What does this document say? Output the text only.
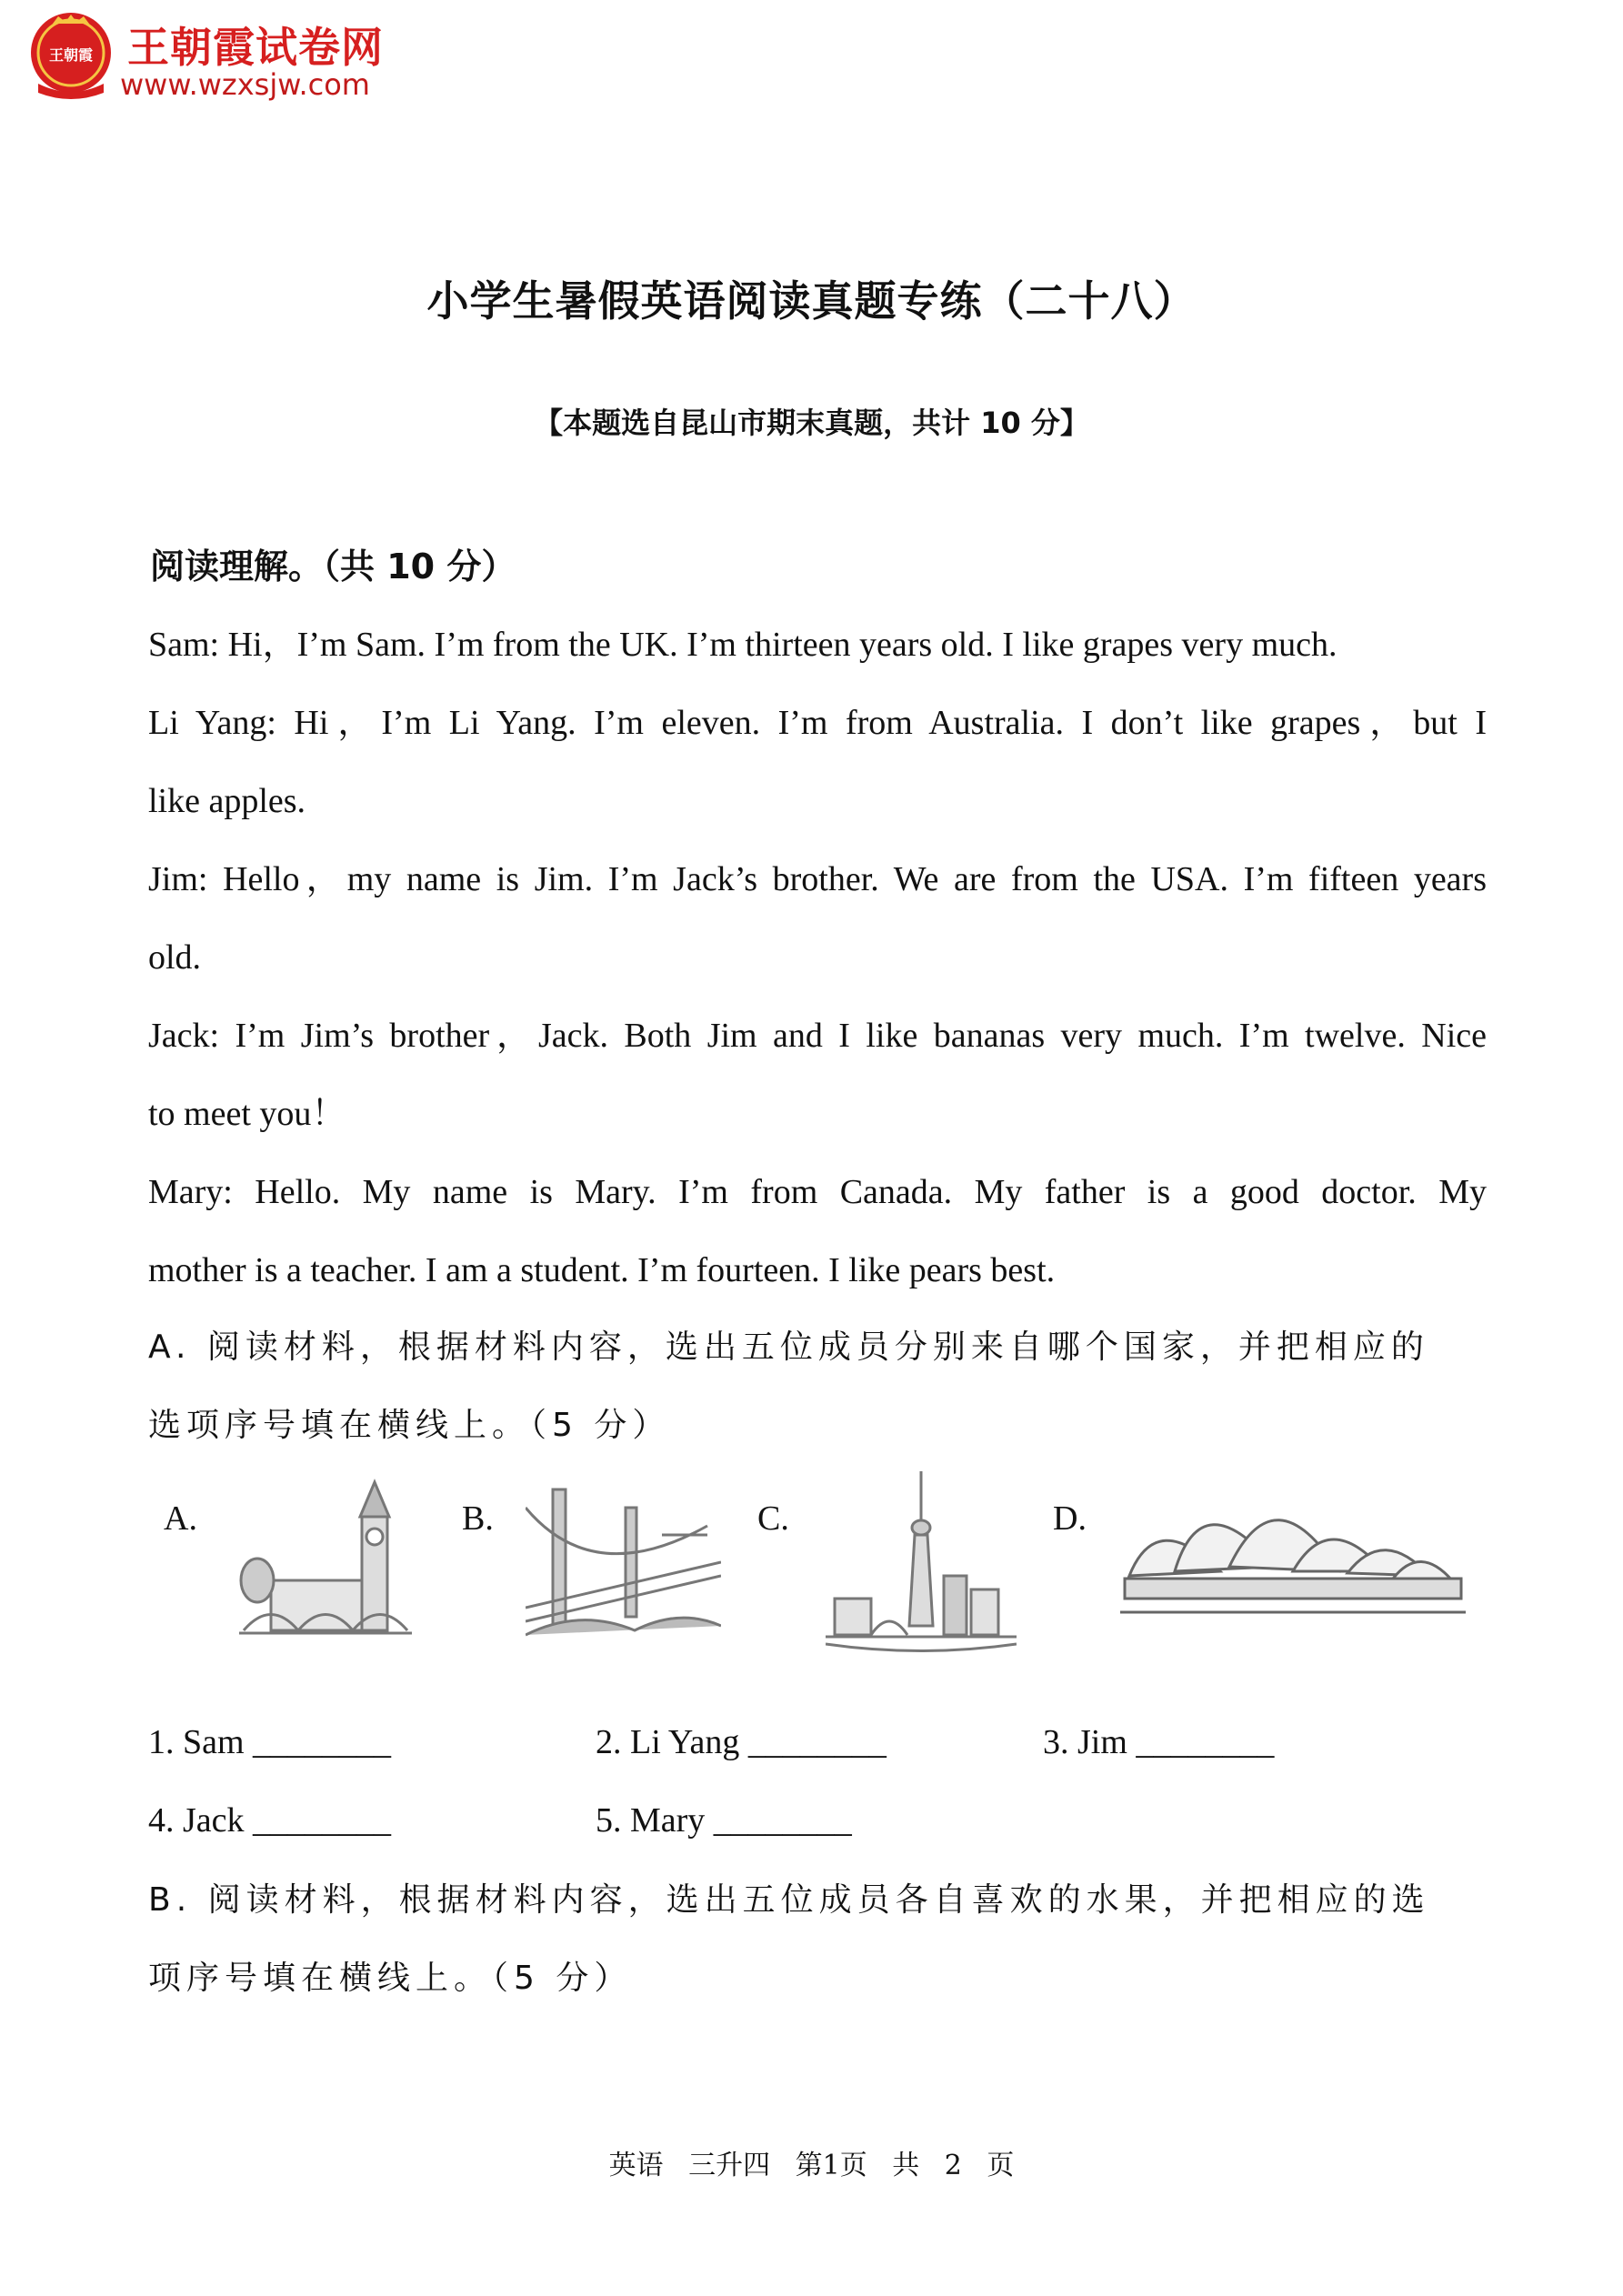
王朝霞 王朝霞试卷网
www.wzxsjw.com
小学生暑假英语阅读真题专练（二十八）
【本题选自昆山市期末真题，共计 10 分】
阅读理解。（共 10 分）
Sam: Hi，I’m Sam. I’m from the UK. I’m thirteen years old. I like grapes very much.
Li Yang: Hi，I’m Li Yang. I’m eleven. I’m from Australia. I don’t like grapes，but I
like apples.
Jim: Hello，my name is Jim. I’m Jack’s brother. We are from the USA. I’m fifteen years
old.
Jack: I’m Jim’s brother，Jack. Both Jim and I like bananas very much. I’m twelve. Nice
to meet you！
Mary: Hello. My name is Mary. I’m from Canada. My father is a good doctor. My
mother is a teacher. I am a student. I’m fourteen. I like pears best.
A. 阅读材料，根据材料内容，选出五位成员分别来自哪个国家，并把相应的
选项序号填在横线上。（5 分）
A.	B.	C.	D.
1. Sam ________	2. Li Yang ________	3. Jim ________
4. Jack ________	5. Mary ________
B. 阅读材料，根据材料内容，选出五位成员各自喜欢的水果，并把相应的选
项序号填在横线上。（5 分）
英语 三升四 第1页 共 2 页
